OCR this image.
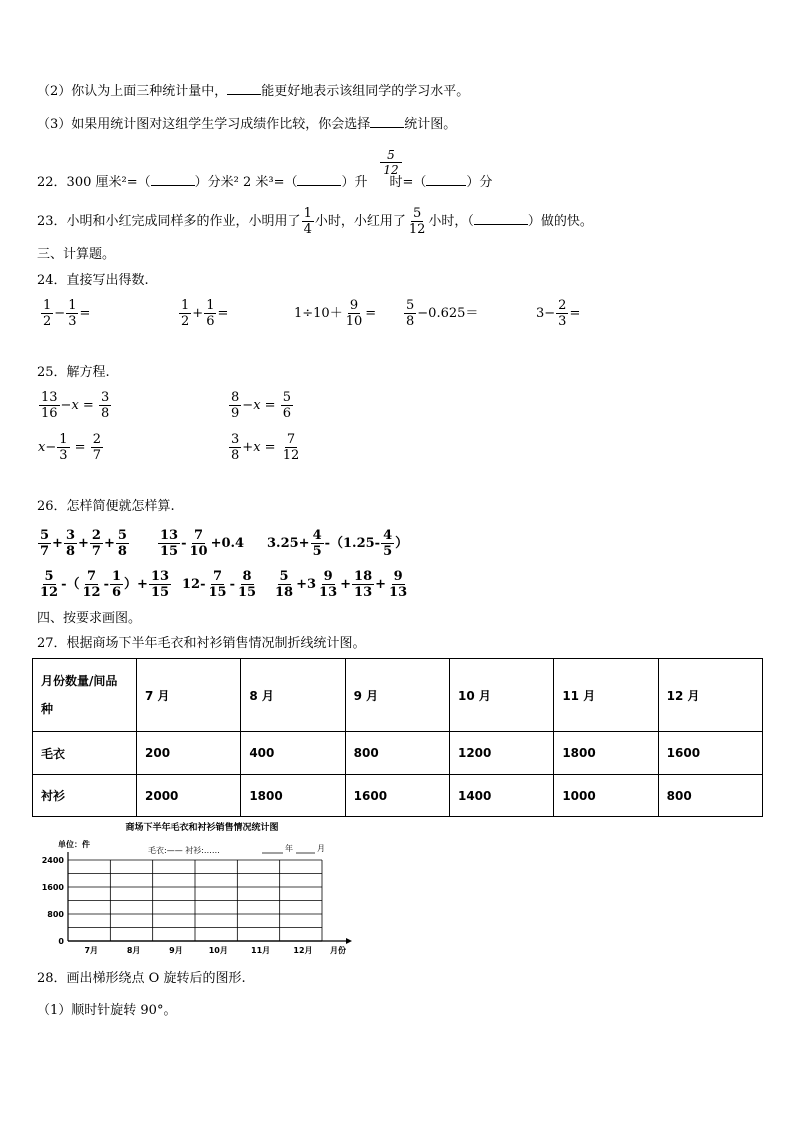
（2）你认为上面三种统计量中，	能更好地表示该组同学的学习水平。
（3）如果用统计图对这组学生学习成绩作比较，你会选择	统计图。
22．300 厘米²=（	）分米² 2 米³=（	）升 时=（	）分
5
12
23．小明和小红完成同样多的作业，小明用了 $\frac{1}{4}$ 小时，小红用了 $\frac{5}{12}$ 小时，（	）做的快。
三、计算题。
24．直接写出得数.
$\frac{1}{2} - \frac{1}{3}$ =	$\frac{1}{2} + \frac{1}{6}$ =	$1\div 10+ \frac{9}{10} = \frac{5}{8} -0.625=$	$3- \frac{2}{3}$ =
25．解方程.
$\frac{13}{16} -x = \frac{3}{8}$	$\frac{8}{9} -x = \frac{5}{6}$
$x- \frac{1}{3} = \frac{2}{7}$	$\frac{3}{8} +x = \frac{7}{12}$
26．怎样简便就怎样算.
$\frac{5}{7} + \frac{3}{8} + \frac{2}{7} + \frac{5}{8} \frac{13}{15} - \frac{7}{10} +0.4$ $3.25+ \frac{4}{5} -(1.25- \frac{4}{5}$ ）
$\frac{5}{12}$ -（ $\frac{7}{12} - \frac{1}{6}$ ）+ $\frac{13}{15} 12- \frac{7}{15} - \frac{8}{15} \frac{5}{18} +3 \frac{9}{13} + \frac{18}{13} + \frac{9}{13}$
四、按要求画图。
27．根据商场下半年毛衣和衬衫销售情况制折线统计图。
月份数量/间品
种	7 月	8 月	9 月	10 月	11 月	12 月
毛衣	200	400	800	1200	1800	1600
衬衫	2000	1800	1600	1400	1000	800
商场下半年毛衣和衬衫销售情况统计图
单位：件
毛衣:—— 衬衫:……	年	月
2400
1600
800
0
7月	8月	9月	10月	11月	12月 月份
28．画出梯形绕点 O 旋转后的图形.
（1）顺时针旋转 90°。
